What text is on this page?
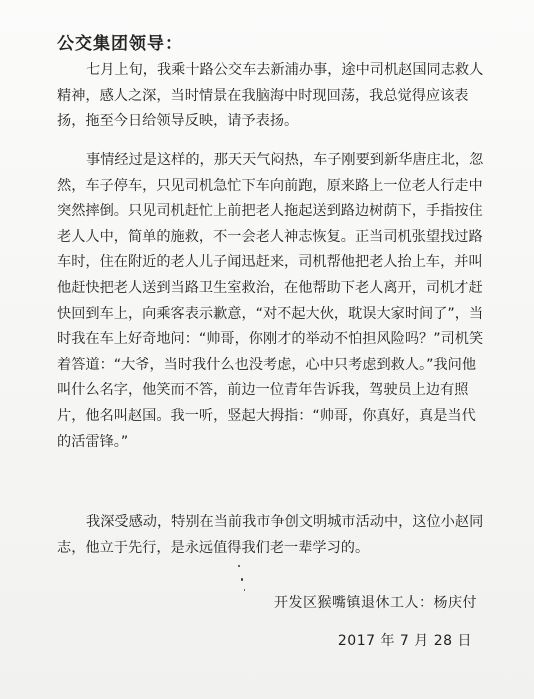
公交集团领导：
七月上旬，我乘十路公交车去新浦办事，途中司机赵国同志救人精神，感人之深，当时情景在我脑海中时现回荡，我总觉得应该表扬，拖至今日给领导反映，请予表扬。
事情经过是这样的，那天天气闷热，车子刚要到新华唐庄北，忽然，车子停车，只见司机急忙下车向前跑，原来路上一位老人行走中突然摔倒。只见司机赶忙上前把老人拖起送到路边树荫下，手指按住老人人中，简单的施救，不一会老人神志恢复。正当司机张望找过路车时，住在附近的老人儿子闻迅赶来，司机帮他把老人抬上车，并叫他赶快把老人送到当路卫生室救治，在他帮助下老人离开，司机才赶快回到车上，向乘客表示歉意，“对不起大伙，耽误大家时间了”，当时我在车上好奇地问：“帅哥，你刚才的举动不怕担风险吗？”司机笑着答道：“大爷，当时我什么也没考虑，心中只考虑到救人。”我问他叫什么名字，他笑而不答，前边一位青年告诉我，驾驶员上边有照片，他名叫赵国。我一听，竖起大拇指：“帅哥，你真好，真是当代的活雷锋。”
我深受感动，特别在当前我市争创文明城市活动中，这位小赵同志，他立于先行，是永远值得我们老一辈学习的。
开发区猴嘴镇退休工人：杨庆付
2017 年 7 月 28 日
